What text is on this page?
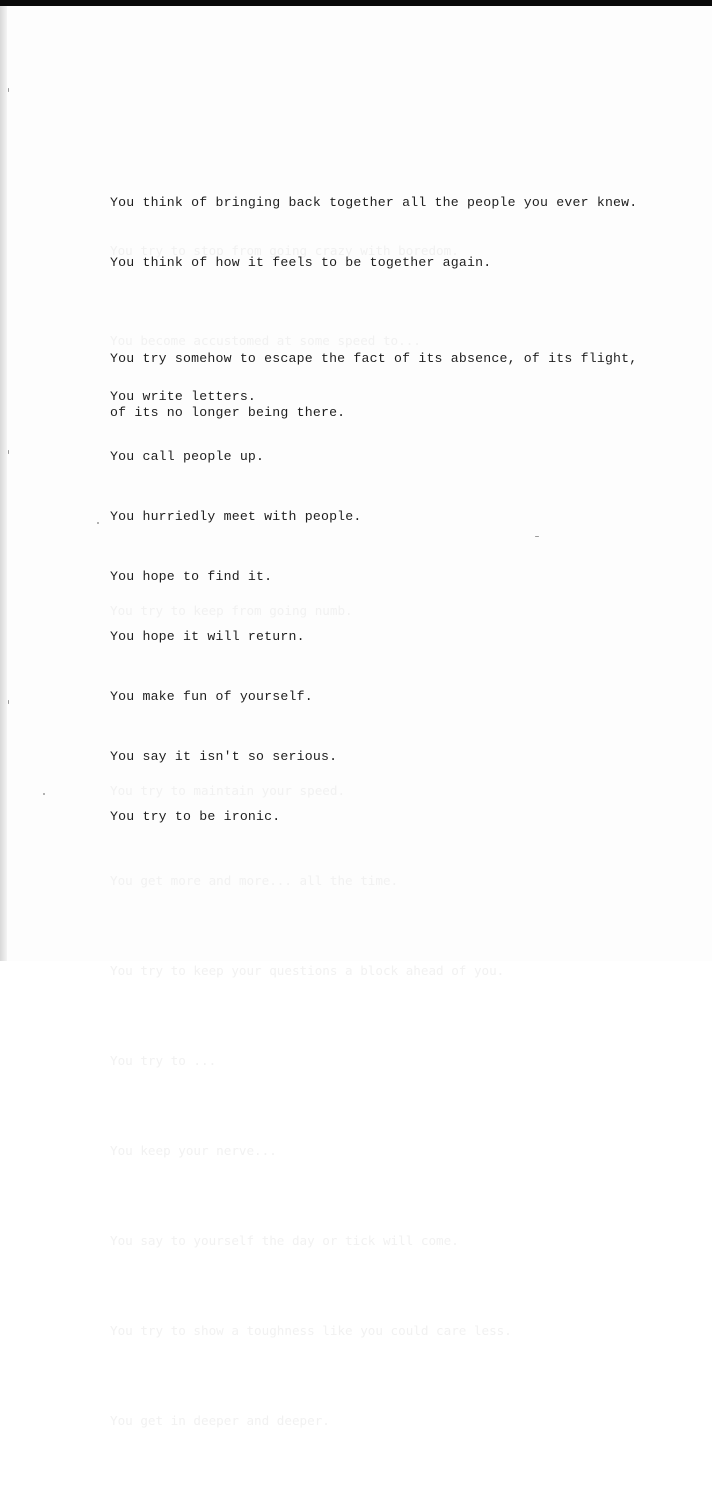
You try to stop from going crazy with boredom.

You become accustomed at some speed to...

You try to keep from going numb.

You try to maintain your speed.

You get more and more... all the time.

You try to keep your questions a block ahead of you.

You try to ...

You keep your nerve...

You say to yourself the day or tick will come.

You try to show a toughness like you could care less.

You get in deeper and deeper.

You think of bringing back together all the people you ever knew.

You think of how it feels to be together again.

You try somehow to escape the fact of its absence, of its flight,

of its no longer being there.

You write letters.

You call people up.

You hurriedly meet with people.

You hope to find it.

You hope it will return.

You make fun of yourself.

You say it isn't so serious.

You try to be ironic.
